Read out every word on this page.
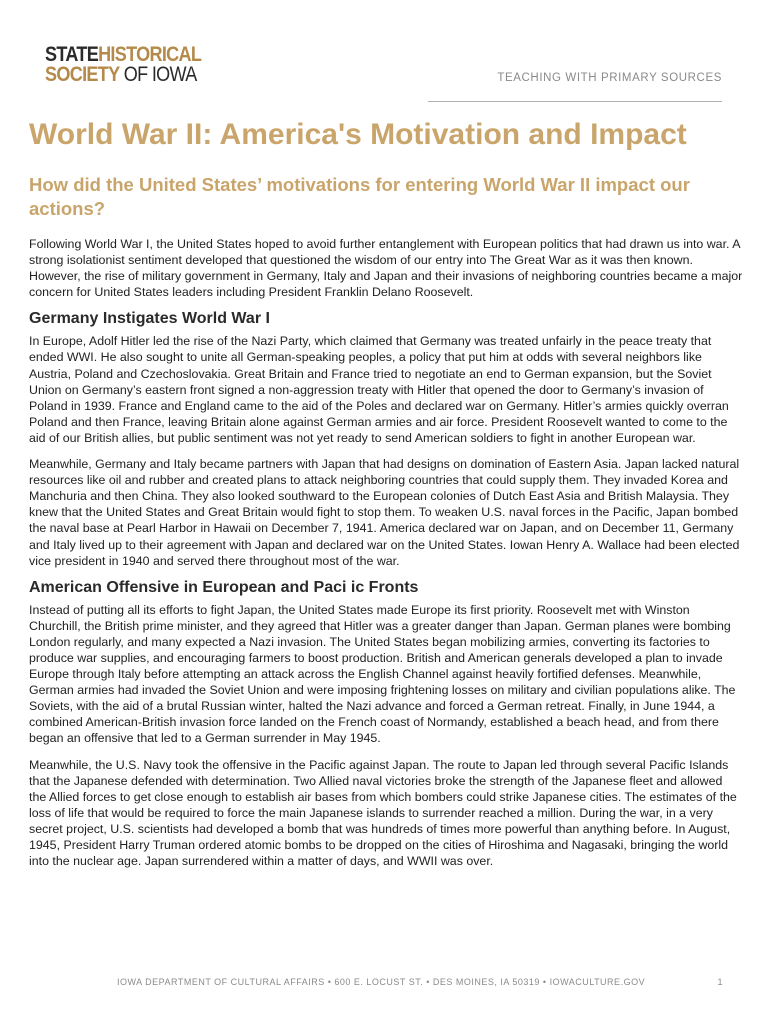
STATEHISTORICAL
SOCIETY OF IOWA	TEACHING WITH PRIMARY SOURCES
World War II: America's Motivation and Impact
How did the United States’ motivations for entering World War II impact our actions?

Following World War I, the United States hoped to avoid further entanglement with European politics that had drawn us into war. A strong isolationist sentiment developed that questioned the wisdom of our entry into The Great War as it was then known. However, the rise of military government in Germany, Italy and Japan and their invasions of neighboring countries became a major concern for United States leaders including President Franklin Delano Roosevelt.

Germany Instigates World War I

In Europe, Adolf Hitler led the rise of the Nazi Party, which claimed that Germany was treated unfairly in the peace treaty that ended WWI. He also sought to unite all German-speaking peoples, a policy that put him at odds with several neighbors like Austria, Poland and Czechoslovakia. Great Britain and France tried to negotiate an end to German expansion, but the Soviet Union on Germany’s eastern front signed a non-aggression treaty with Hitler that opened the door to Germany’s invasion of Poland in 1939. France and England came to the aid of the Poles and declared war on Germany. Hitler’s armies quickly overran Poland and then France, leaving Britain alone against German armies and air force. President Roosevelt wanted to come to the aid of our British allies, but public sentiment was not yet ready to send American soldiers to fight in another European war.

Meanwhile, Germany and Italy became partners with Japan that had designs on domination of Eastern Asia. Japan lacked natural resources like oil and rubber and created plans to attack neighboring countries that could supply them. They invaded Korea and Manchuria and then China. They also looked southward to the European colonies of Dutch East Asia and British Malaysia. They knew that the United States and Great Britain would fight to stop them. To weaken U.S. naval forces in the Pacific, Japan bombed the naval base at Pearl Harbor in Hawaii on December 7, 1941. America declared war on Japan, and on December 11, Germany and Italy lived up to their agreement with Japan and declared war on the United States. Iowan Henry A. Wallace had been elected vice president in 1940 and served there throughout most of the war.

American Offensive in European and Paci ic Fronts

Instead of putting all its efforts to fight Japan, the United States made Europe its first priority. Roosevelt met with Winston Churchill, the British prime minister, and they agreed that Hitler was a greater danger than Japan. German planes were bombing London regularly, and many expected a Nazi invasion. The United States began mobilizing armies, converting its factories to produce war supplies, and encouraging farmers to boost production. British and American generals developed a plan to invade Europe through Italy before attempting an attack across the English Channel against heavily fortified defenses. Meanwhile, German armies had invaded the Soviet Union and were imposing frightening losses on military and civilian populations alike. The Soviets, with the aid of a brutal Russian winter, halted the Nazi advance and forced a German retreat. Finally, in June 1944, a combined American-British invasion force landed on the French coast of Normandy, established a beach head, and from there began an offensive that led to a German surrender in May 1945.

Meanwhile, the U.S. Navy took the offensive in the Pacific against Japan. The route to Japan led through several Pacific Islands that the Japanese defended with determination. Two Allied naval victories broke the strength of the Japanese fleet and allowed the Allied forces to get close enough to establish air bases from which bombers could strike Japanese cities. The estimates of the loss of life that would be required to force the main Japanese islands to surrender reached a million. During the war, in a very secret project, U.S. scientists had developed a bomb that was hundreds of times more powerful than anything before. In August, 1945, President Harry Truman ordered atomic bombs to be dropped on the cities of Hiroshima and Nagasaki, bringing the world into the nuclear age. Japan surrendered within a matter of days, and WWII was over.

IOWA DEPARTMENT OF CULTURAL AFFAIRS • 600 E. LOCUST ST. • DES MOINES, IA 50319 • IOWACULTURE.GOV	1
